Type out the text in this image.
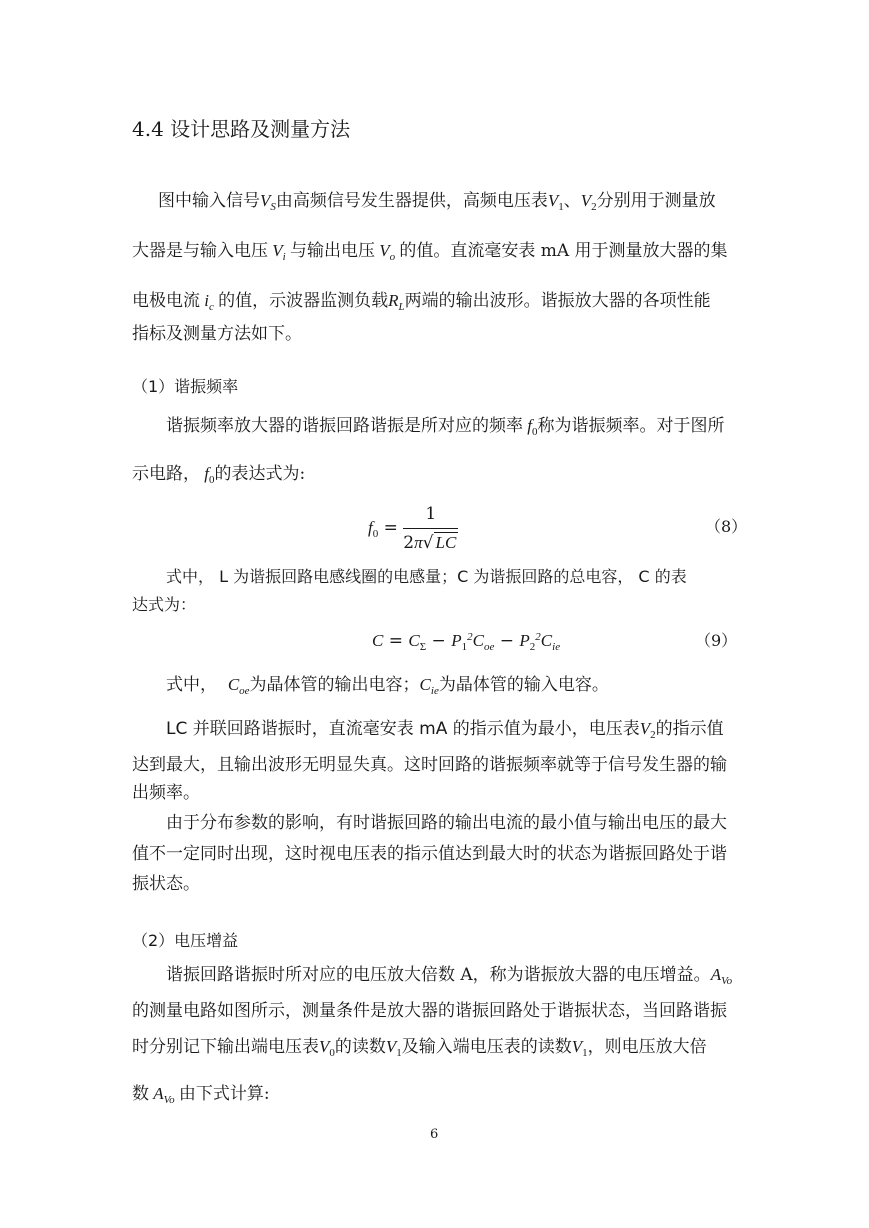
4.4 设计思路及测量方法
图中输入信号$V_S$由高频信号发生器提供，高频电压表$V_1$、$V_2$分别用于测量放
大器是与输入电压 $V_i$ 与输出电压 $V_o$ 的值。直流毫安表 mA 用于测量放大器的集
电极电流 $i_c$ 的值，示波器监测负载$R_L$两端的输出波形。谐振放大器的各项性能
指标及测量方法如下。
（1）谐振频率
谐振频率放大器的谐振回路谐振是所对应的频率 $f_0$称为谐振频率。对于图所
示电路， $f_0$的表达式为:
$f_0 = \frac{1}{2\pi√ LC}$	（8）
式中， L 为谐振回路电感线圈的电感量；C 为谐振回路的总电容， C 的表
达式为：
$C = C_\Sigma - P_1^2C_{oe} - P_2^2C_{ie}$	（9）
式中， $C_{oe}$为晶体管的输出电容；$C_{ie}$为晶体管的输入电容。
LC 并联回路谐振时，直流毫安表 mA 的指示值为最小，电压表$V_2$的指示值
达到最大，且输出波形无明显失真。这时回路的谐振频率就等于信号发生器的输
出频率。
由于分布参数的影响，有时谐振回路的输出电流的最小值与输出电压的最大
值不一定同时出现，这时视电压表的指示值达到最大时的状态为谐振回路处于谐
振状态。
（2）电压增益
谐振回路谐振时所对应的电压放大倍数 A，称为谐振放大器的电压增益。$A_{Vo}$
的测量电路如图所示，测量条件是放大器的谐振回路处于谐振状态，当回路谐振
时分别记下输出端电压表$V_0$的读数$V_1$及输入端电压表的读数$V_1$，则电压放大倍
数 $A_{Vo}$ 由下式计算:
6
